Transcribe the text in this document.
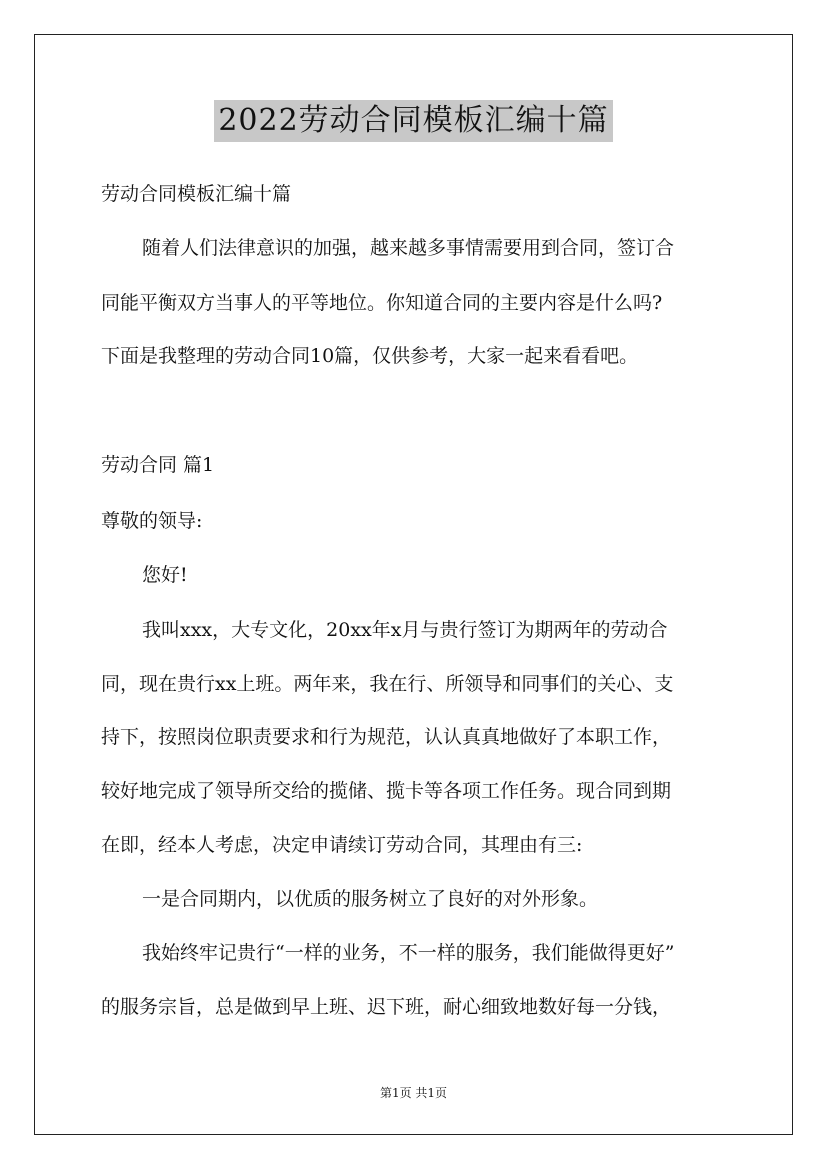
2022劳动合同模板汇编十篇
劳动合同模板汇编十篇
随着人们法律意识的加强，越来越多事情需要用到合同，签订合
同能平衡双方当事人的平等地位。你知道合同的主要内容是什么吗?
下面是我整理的劳动合同10篇，仅供参考，大家一起来看看吧。
劳动合同 篇1
尊敬的领导:
您好!
我叫xxx，大专文化，20xx年x月与贵行签订为期两年的劳动合
同，现在贵行xx上班。两年来，我在行、所领导和同事们的关心、支
持下，按照岗位职责要求和行为规范，认认真真地做好了本职工作，
较好地完成了领导所交给的揽储、揽卡等各项工作任务。现合同到期
在即，经本人考虑，决定申请续订劳动合同，其理由有三:
一是合同期内，以优质的服务树立了良好的对外形象。
我始终牢记贵行“一样的业务，不一样的服务，我们能做得更好”
的服务宗旨，总是做到早上班、迟下班，耐心细致地数好每一分钱，
第1页 共1页
